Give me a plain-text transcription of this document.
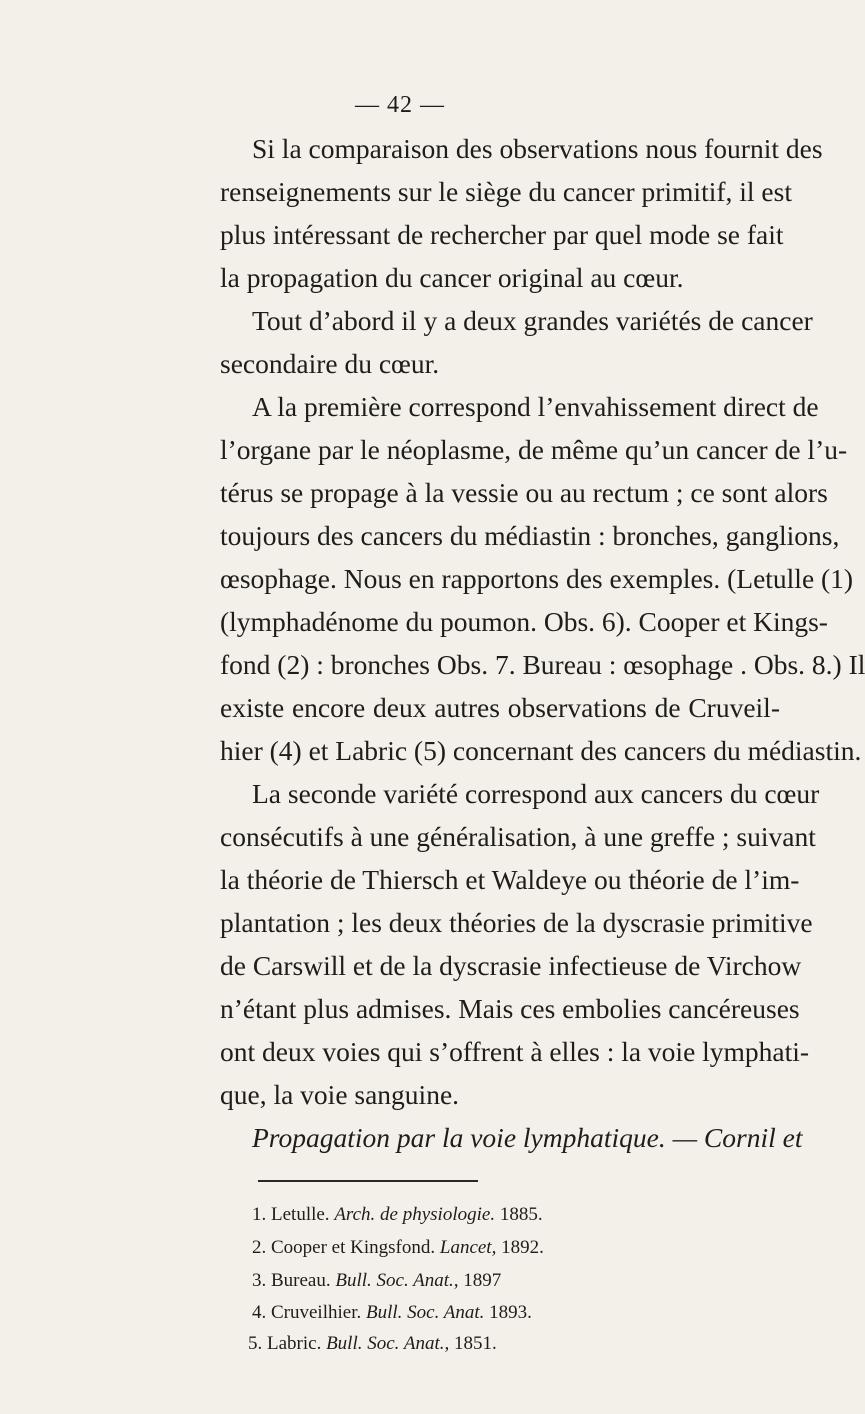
— 42 —
Si la comparaison des observations nous fournit des
renseignements sur le siège du cancer primitif, il est
plus intéressant de rechercher par quel mode se fait
la propagation du cancer original au cœur.
Tout d’abord il y a deux grandes variétés de cancer
secondaire du cœur.
A la première correspond l’envahissement direct de
l’organe par le néoplasme, de même qu’un cancer de l’u-
térus se propage à la vessie ou au rectum ; ce sont alors
toujours des cancers du médiastin : bronches, ganglions,
œsophage. Nous en rapportons des exemples. (Letulle (1)
(lymphadénome du poumon. Obs. 6). Cooper et Kings-
fond (2) : bronches Obs. 7. Bureau : œsophage . Obs. 8.) Il
existe encore deux autres observations de Cruveil-
hier (4) et Labric (5) concernant des cancers du médiastin.
La seconde variété correspond aux cancers du cœur
consécutifs à une généralisation, à une greffe ; suivant
la théorie de Thiersch et Waldeye ou théorie de l’im-
plantation ; les deux théories de la dyscrasie primitive
de Carswill et de la dyscrasie infectieuse de Virchow
n’étant plus admises. Mais ces embolies cancéreuses
ont deux voies qui s’offrent à elles : la voie lymphati-
que, la voie sanguine.
Propagation par la voie lymphatique. — Cornil et
1. Letulle. Arch. de physiologie. 1885.
2. Cooper et Kingsfond. Lancet, 1892.
3. Bureau. Bull. Soc. Anat., 1897
4. Cruveilhier. Bull. Soc. Anat. 1893.
5. Labric. Bull. Soc. Anat., 1851.
